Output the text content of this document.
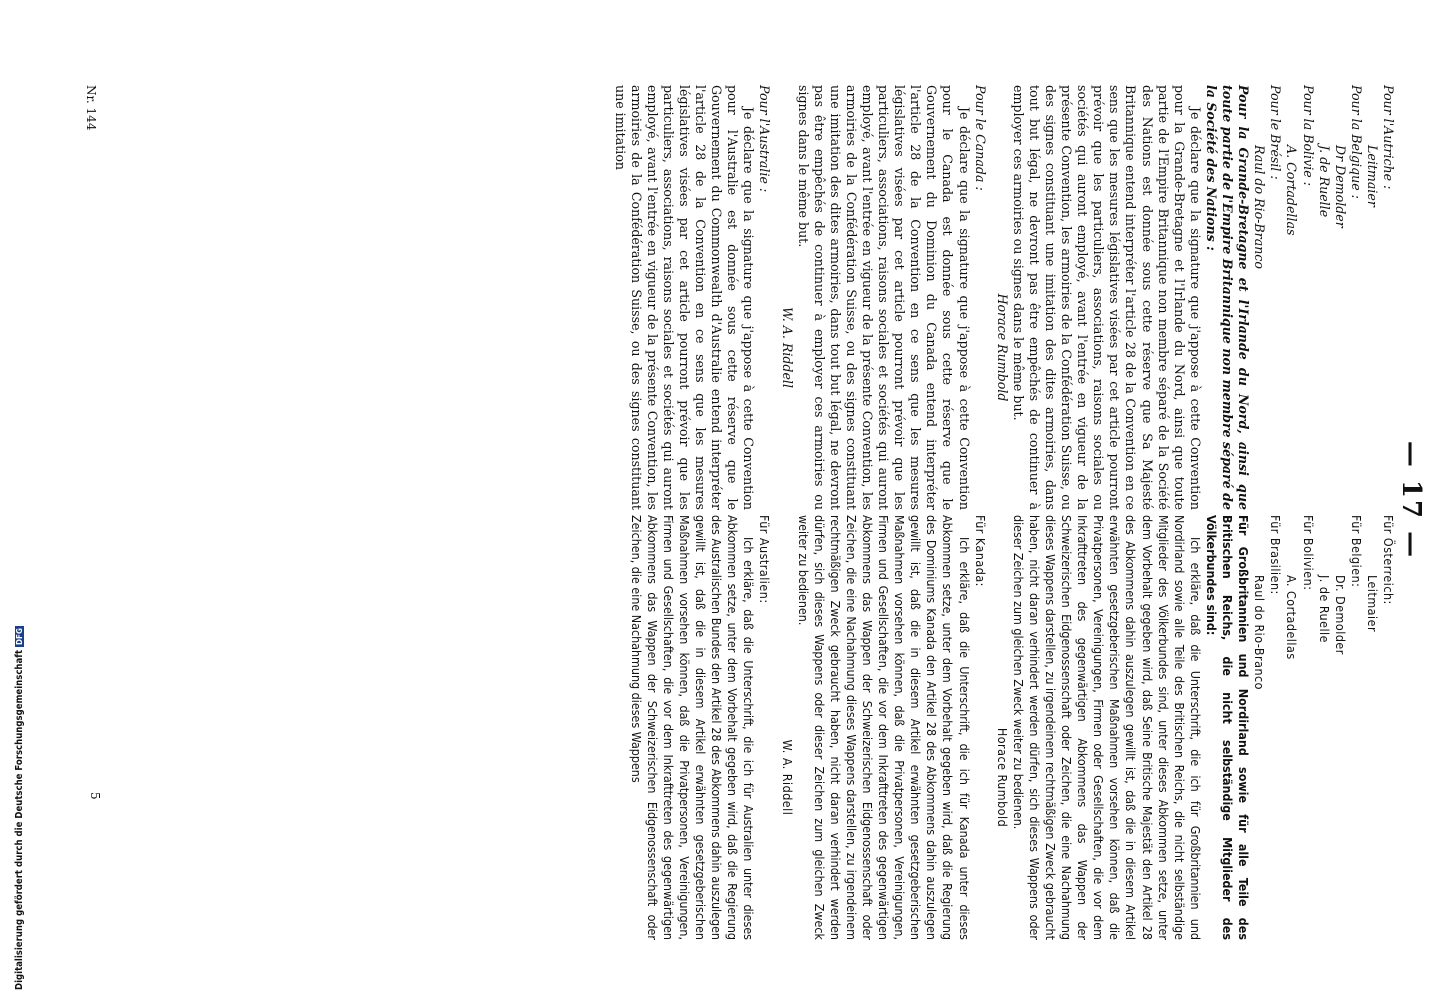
— 17 —

Pour l'Autriche :

Leitmaier

Pour la Belgique :

Dr Demolder

J. de Ruelle

Pour la Bolivie :

A. Cortadellas

Pour le Brésil :

Raul do Rio-Branco

Pour la Grande-Bretagne et l'Irlande du Nord, ainsi que toute partie de l'Empire Britannique non membre séparé de la Société des Nations :

Je déclare que la signature que j'appose à cette Convention pour la Grande-Bretagne et l'Irlande du Nord, ainsi que toute partie de l'Empire Britannique non membre séparé de la Société des Nations est donnée sous cette réserve que Sa Majesté Britannique entend interpréter l'article 28 de la Convention en ce sens que les mesures législatives visées par cet article pourront prévoir que les particuliers, associations, raisons sociales ou sociétés qui auront employé, avant l'entrée en vigueur de la présente Convention, les armoiries de la Confédération Suisse, ou des signes constituant une imitation des dites armoiries, dans tout but légal, ne devront pas être empêchés de continuer à employer ces armoiries ou signes dans le même but.

Horace Rumbold

Pour le Canada :

Je déclare que la signature que j'appose à cette Convention pour le Canada est donnée sous cette réserve que le Gouvernement du Dominion du Canada entend interpréter l'article 28 de la Convention en ce sens que les mesures législatives visées par cet article pourront prévoir que les particuliers, associations, raisons sociales et sociétés qui auront employé, avant l'entrée en vigueur de la présente Convention, les armoiries de la Confédération Suisse, ou des signes constituant une imitation des dites armoiries, dans tout but légal, ne devront pas être empêchés de continuer à employer ces armoiries ou signes dans le même but.

W. A. Riddell

Pour l'Australie :

Je déclare que la signature que j'appose à cette Convention pour l'Australie est donnée sous cette réserve que le Gouvernement du Commonwealth d'Australie entend interpréter l'article 28 de la Convention en ce sens que les mesures législatives visées par cet article pourront prévoir que les particuliers, associations, raisons sociales et sociétés qui auront employé, avant l'entrée en vigueur de la présente Convention, les armoiries de la Confédération Suisse, ou des signes constituant une imitation

Für Österreich:

Leitmaier

Für Belgien:

Dr. Demolder

J. de Ruelle

Für Bolivien:

A. Cortadellas

Für Brasilien:

Raul do Rio-Branco

Für Großbritannien und Nordirland sowie für alle Teile des Britischen Reichs, die nicht selbständige Mitglieder des Völkerbundes sind:

Ich erkläre, daß die Unterschrift, die ich für Großbritannien und Nordirland sowie alle Teile des Britischen Reichs, die nicht selbständige Mitglieder des Völkerbundes sind, unter dieses Abkommen setze, unter dem Vorbehalt gegeben wird, daß Seine Britische Majestät den Artikel 28 des Abkommens dahin auszulegen gewillt ist, daß die in diesem Artikel erwähnten gesetzgeberischen Maßnahmen vorsehen können, daß die Privatpersonen, Vereinigungen, Firmen oder Gesellschaften, die vor dem Inkrafttreten des gegenwärtigen Abkommens das Wappen der Schweizerischen Eidgenossenschaft oder Zeichen, die eine Nachahmung dieses Wappens darstellen, zu irgendeinem rechtmäßigen Zweck gebraucht haben, nicht daran verhindert werden dürfen, sich dieses Wappens oder dieser Zeichen zum gleichen Zweck weiter zu bedienen.

Horace Rumbold

Für Kanada:

Ich erkläre, daß die Unterschrift, die ich für Kanada unter dieses Abkommen setze, unter dem Vorbehalt gegeben wird, daß die Regierung des Dominiums Kanada den Artikel 28 des Abkommens dahin auszulegen gewillt ist, daß die in diesem Artikel erwähnten gesetzgeberischen Maßnahmen vorsehen können, daß die Privatpersonen, Vereinigungen, Firmen und Gesellschaften, die vor dem Inkrafttreten des gegenwärtigen Abkommens das Wappen der Schweizerischen Eidgenossenschaft oder Zeichen, die eine Nachahmung dieses Wappens darstellen, zu irgendeinem rechtmäßigen Zweck gebraucht haben, nicht daran verhindert werden dürfen, sich dieses Wappens oder dieser Zeichen zum gleichen Zweck weiter zu bedienen.

W. A. Riddell

Für Australien:

Ich erkläre, daß die Unterschrift, die ich für Australien unter dieses Abkommen setze, unter dem Vorbehalt gegeben wird, daß die Regierung des Australischen Bundes den Artikel 28 des Abkommens dahin auszulegen gewillt ist, daß die in diesem Artikel erwähnten gesetzgeberischen Maßnahmen vorsehen können, daß die Privatpersonen, Vereinigungen, Firmen und Gesellschaften, die vor dem Inkrafttreten des gegenwärtigen Abkommens das Wappen der Schweizerischen Eidgenossenschaft oder Zeichen, die eine Nachahmung dieses Wappens

Nr. 144
5
Digitalisierung gefördert durch die Deutsche ForschungsgemeinschaftDFG
